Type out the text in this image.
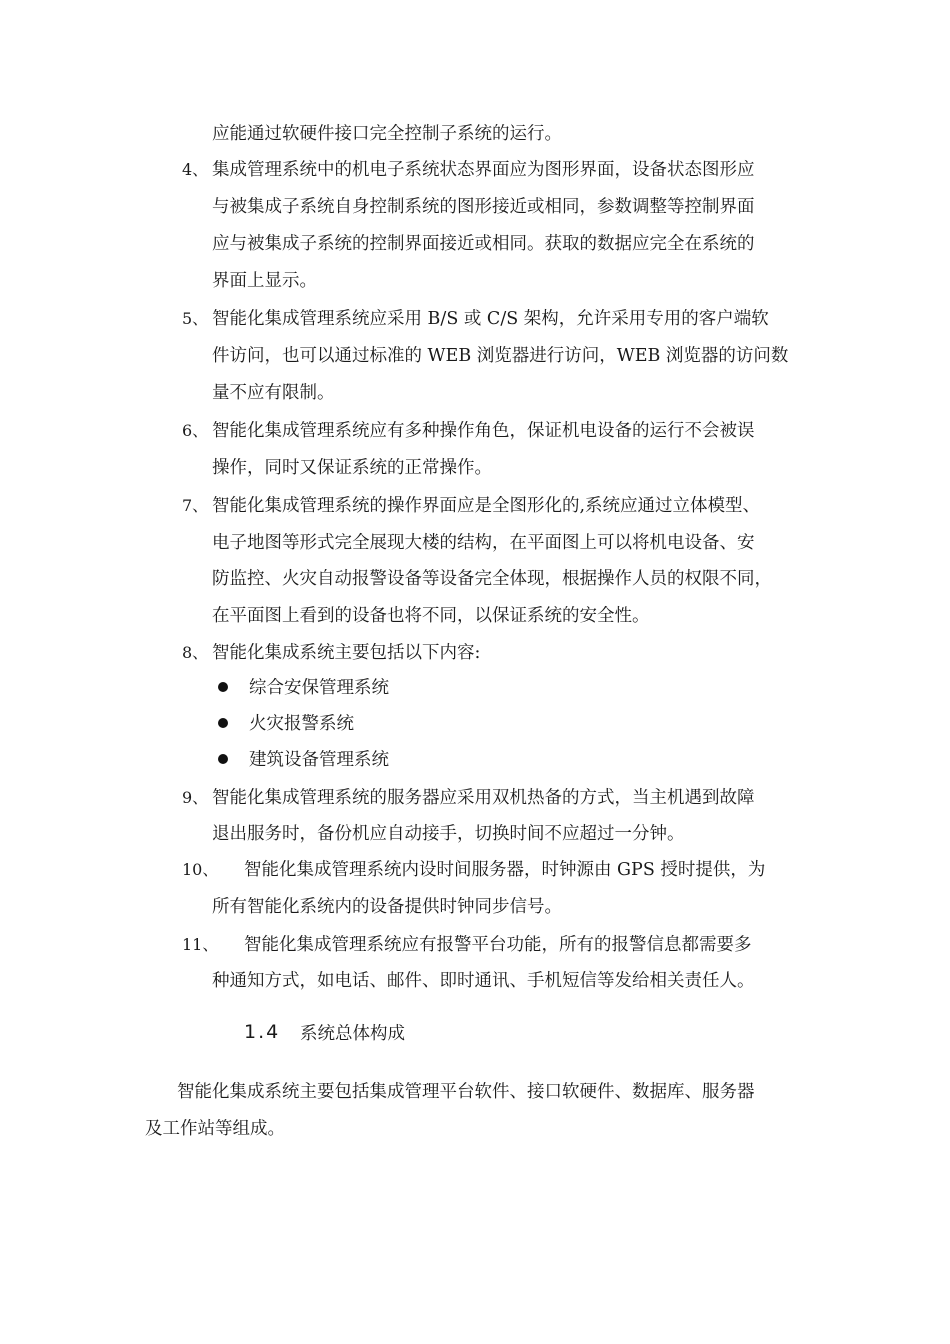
应能通过软硬件接口完全控制子系统的运行。
4、 集成管理系统中的机电子系统状态界面应为图形界面，设备状态图形应
与被集成子系统自身控制系统的图形接近或相同，参数调整等控制界面
应与被集成子系统的控制界面接近或相同。获取的数据应完全在系统的
界面上显示。
5、 智能化集成管理系统应采用 B/S 或 C/S 架构，允许采用专用的客户端软
件访问，也可以通过标准的 WEB 浏览器进行访问，WEB 浏览器的访问数
量不应有限制。
6、 智能化集成管理系统应有多种操作角色，保证机电设备的运行不会被误
操作，同时又保证系统的正常操作。
7、 智能化集成管理系统的操作界面应是全图形化的,系统应通过立体模型、
电子地图等形式完全展现大楼的结构，在平面图上可以将机电设备、安
防监控、火灾自动报警设备等设备完全体现，根据操作人员的权限不同，
在平面图上看到的设备也将不同，以保证系统的安全性。
8、 智能化集成系统主要包括以下内容:
综合安保管理系统
火灾报警系统
建筑设备管理系统
9、 智能化集成管理系统的服务器应采用双机热备的方式，当主机遇到故障
退出服务时，备份机应自动接手，切换时间不应超过一分钟。
10、 智能化集成管理系统内设时间服务器，时钟源由 GPS 授时提供，为
所有智能化系统内的设备提供时钟同步信号。
11、 智能化集成管理系统应有报警平台功能，所有的报警信息都需要多
种通知方式，如电话、邮件、即时通讯、手机短信等发给相关责任人。
1.4 系统总体构成
智能化集成系统主要包括集成管理平台软件、接口软硬件、数据库、服务器
及工作站等组成。
